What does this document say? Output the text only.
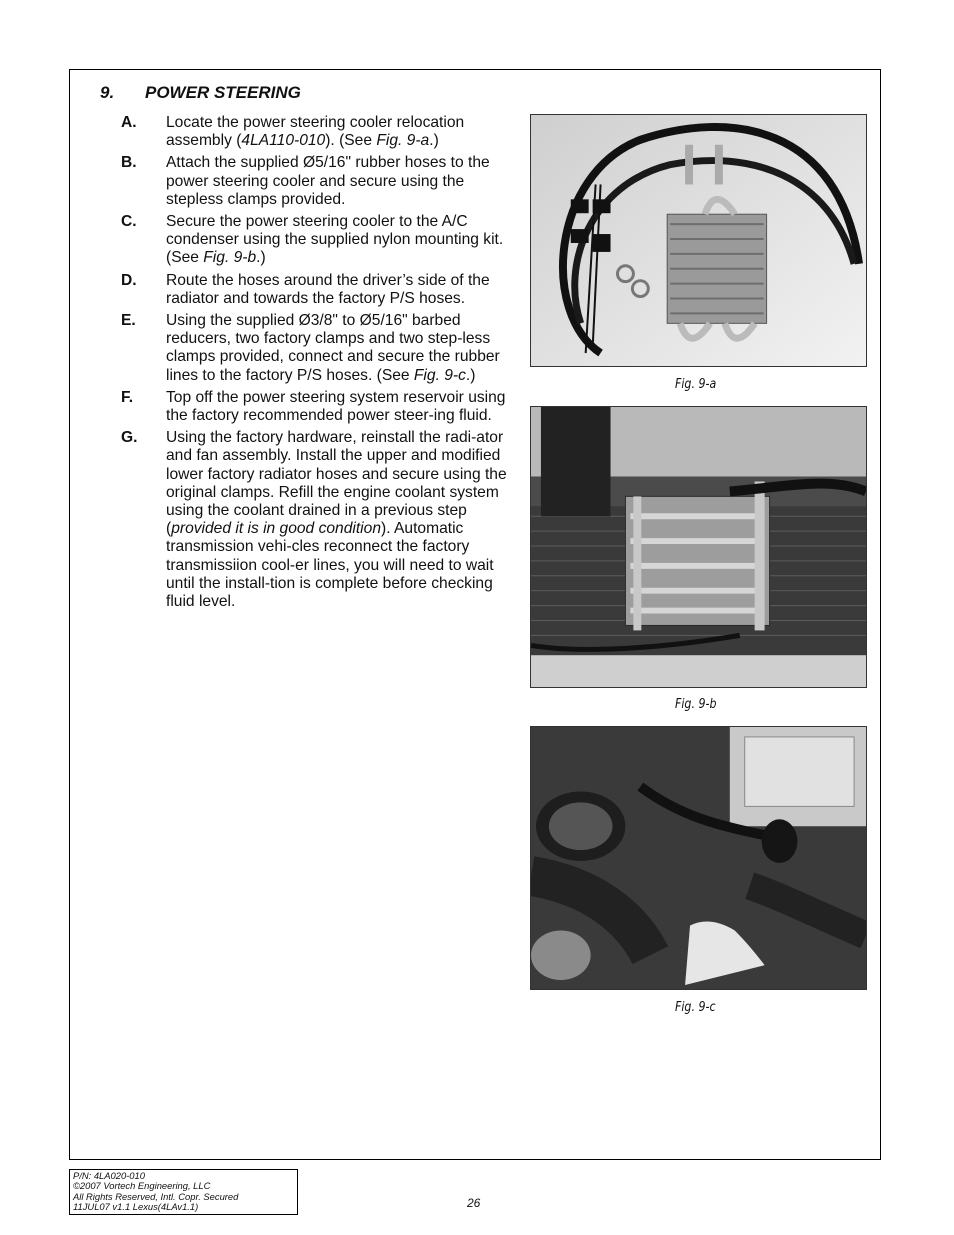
9. POWER STEERING
A.	Locate the power steering cooler relocation assembly (4LA110-010). (See Fig. 9-a.)
B.	Attach the supplied Ø5/16" rubber hoses to the power steering cooler and secure using the stepless clamps provided.
C.	Secure the power steering cooler to the A/C condenser using the supplied nylon mounting kit. (See Fig. 9-b.)
D.	Route the hoses around the driver’s side of the radiator and towards the factory P/S hoses.
E.	Using the supplied Ø3/8" to Ø5/16" barbed reducers, two factory clamps and two step-less clamps provided, connect and secure the rubber lines to the factory P/S hoses. (See Fig. 9-c.)
F.	Top off the power steering system reservoir using the factory recommended power steer-ing fluid.
G.	Using the factory hardware, reinstall the radi-ator and fan assembly. Install the upper and modified lower factory radiator hoses and secure using the original clamps. Refill the engine coolant system using the coolant drained in a previous step (provided it is in good condition). Automatic transmission vehi-cles reconnect the factory transmissiion cool-er lines, you will need to wait until the install-tion is complete before checking fluid level.
Fig. 9-a
Fig. 9-b
Fig. 9-c
P/N: 4LA020-010
©2007 Vortech Engineering, LLC
All Rights Reserved, Intl. Copr. Secured
11JUL07 v1.1 Lexus(4LAv1.1)	26
